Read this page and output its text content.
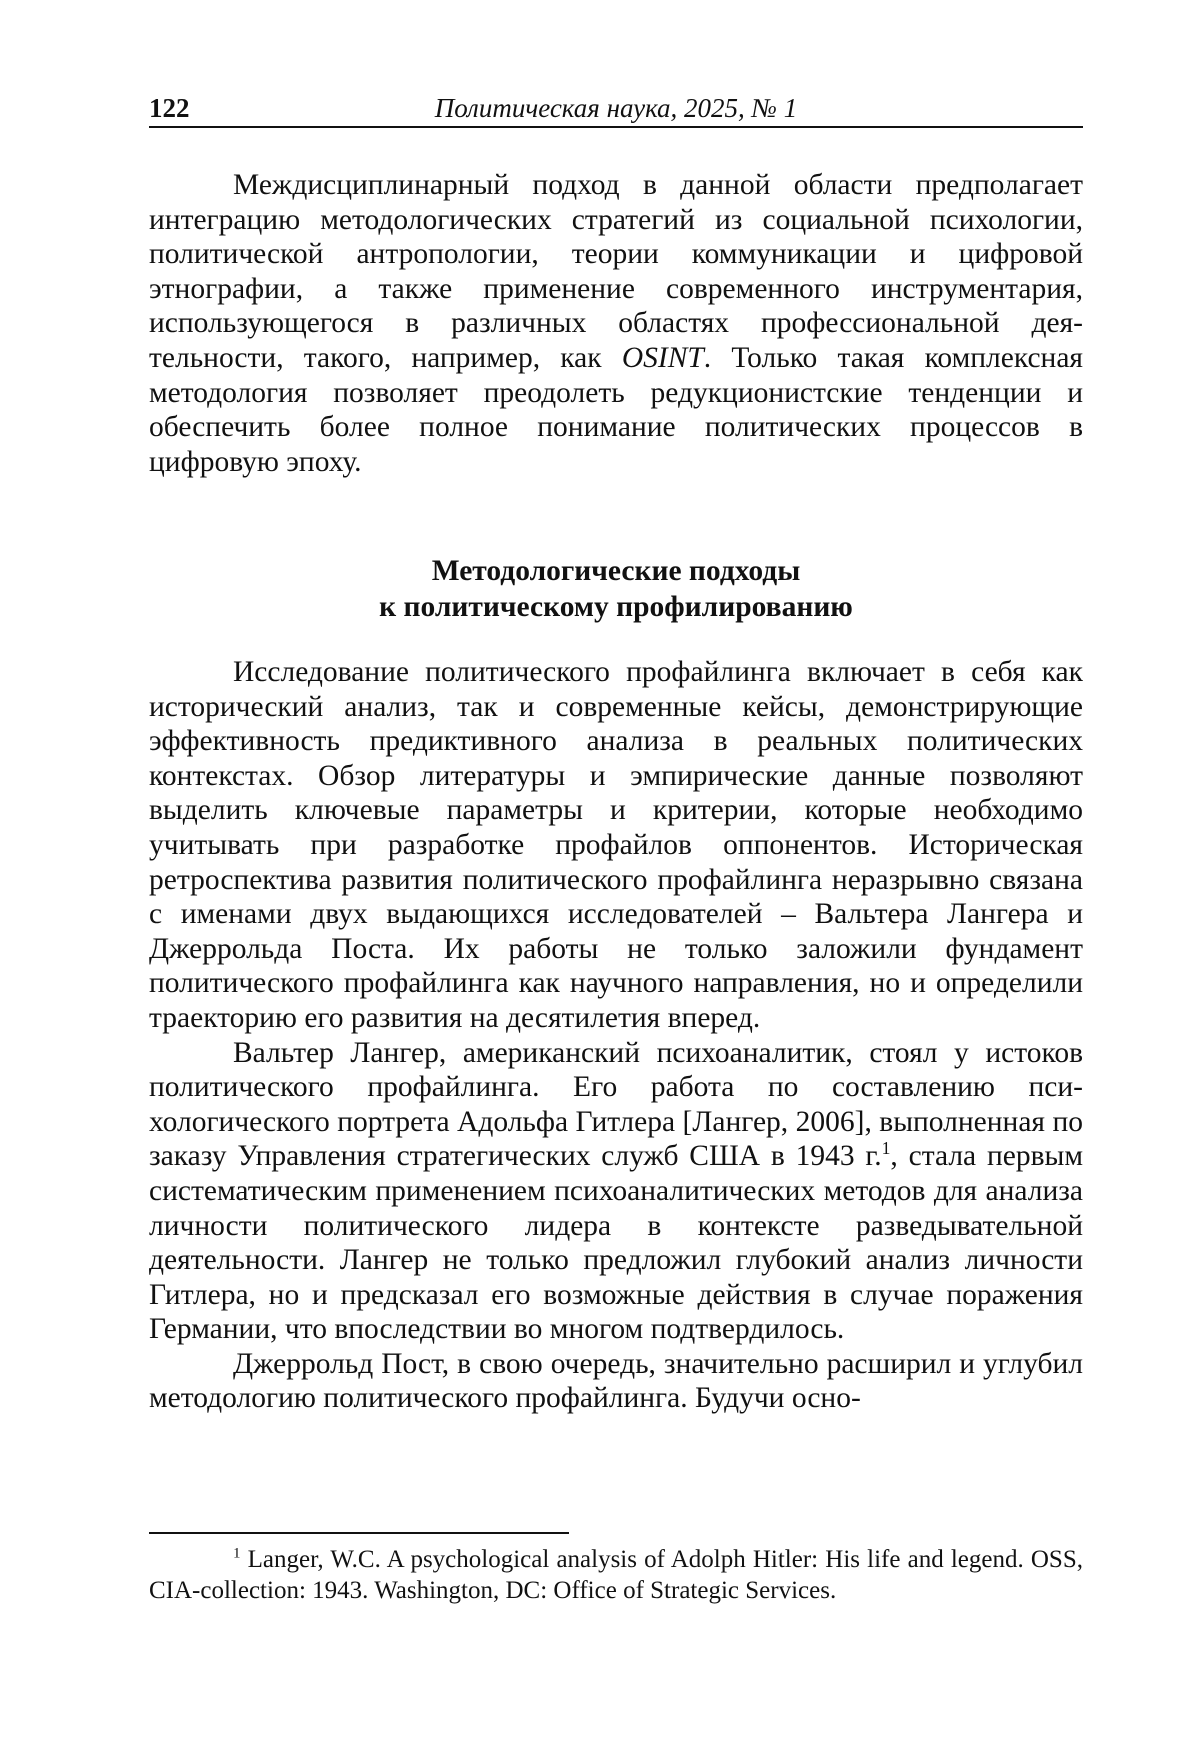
122	Политическая наука, 2025, № 1

Междисциплинарный подход в данной области предполагает интеграцию методологических стратегий из социальной психологии, политической антропологии, теории коммуникации и цифровой этнографии, а также применение современного инструментария, использующегося в различных областях профессиональной дея­тельности, такого, например, как OSINT. Только такая комплекс­ная методология позволяет преодолеть редукционистские тен­денции и обеспечить более полное понимание политических процессов в цифровую эпоху.

Методологические подходы
к политическому профилированию

Исследование политического профайлинга включает в себя как исторический анализ, так и современные кейсы, демонстри­рующие эффективность предиктивного анализа в реальных поли­тических контекстах. Обзор литературы и эмпирические данные позволяют выделить ключевые параметры и критерии, которые необходимо учитывать при разработке профайлов оппонентов. Историческая ретроспектива развития политического профайлинга неразрывно связана с именами двух выдающихся исследователей – Вальтера Лангера и Джеррольда Поста. Их работы не только зало­жили фундамент политического профайлинга как научного на­правления, но и определили траекторию его развития на десятиле­тия вперед.

Вальтер Лангер, американский психоаналитик, стоял у исто­ков политического профайлинга. Его работа по составлению пси­хологического портрета Адольфа Гитлера [Лангер, 2006], выпол­ненная по заказу Управления стратегических служб США в 1943 г.1, стала первым систематическим применением психоаналитических методов для анализа личности политического лидера в контексте разведывательной деятельности. Лангер не только предложил глу­бокий анализ личности Гитлера, но и предсказал его возможные действия в случае поражения Германии, что впоследствии во мно­гом подтвердилось.

Джеррольд Пост, в свою очередь, значительно расширил и углубил методологию политического профайлинга. Будучи осно-

1 Langer, W.C. A psychological analysis of Adolph Hitler: His life and legend. OSS, CIA-collection: 1943. Washington, DC: Office of Strategic Services.
